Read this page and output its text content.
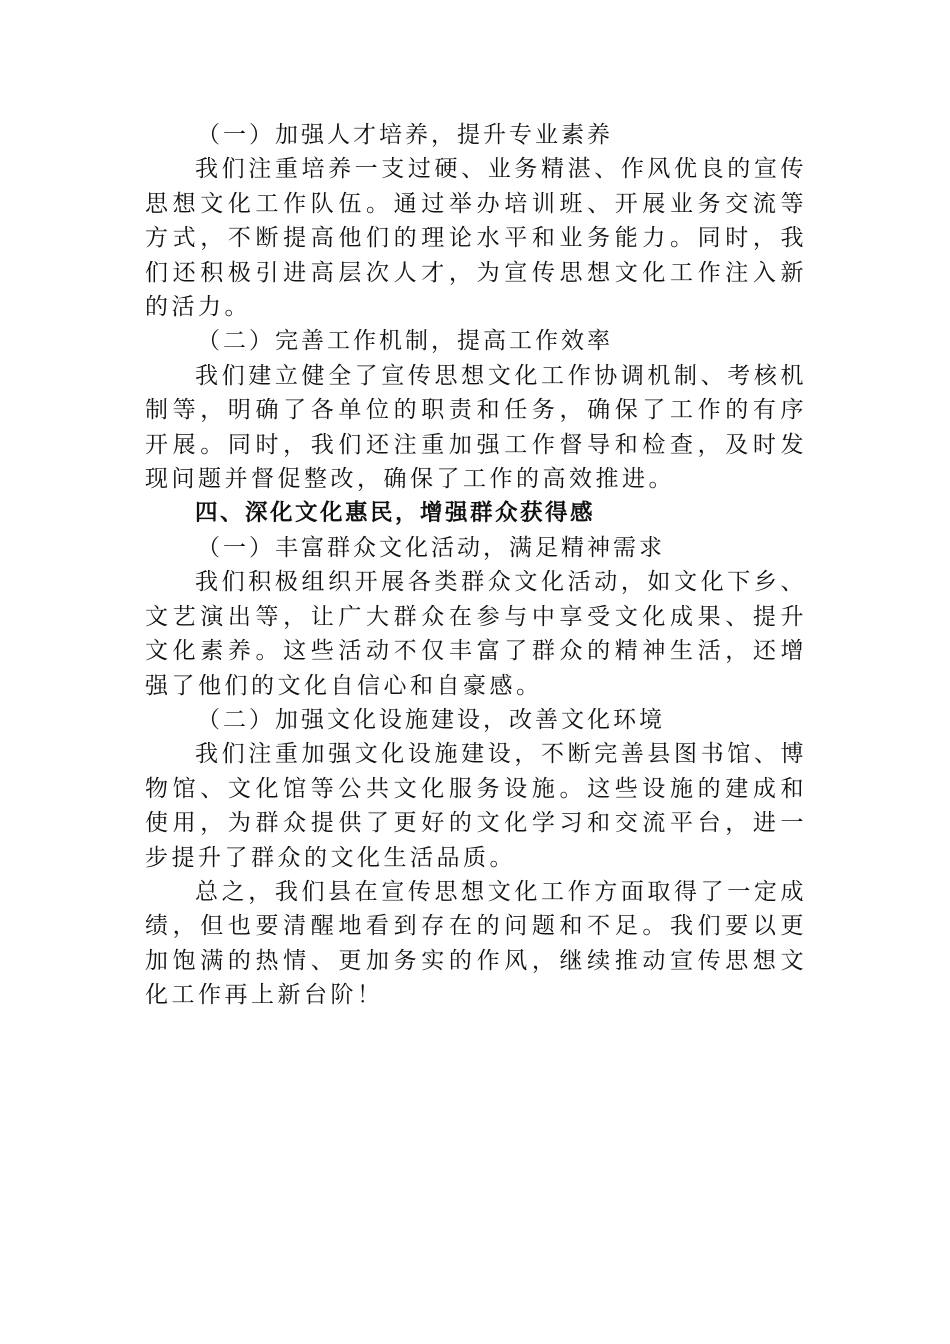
（一）加强人才培养，提升专业素养

我们注重培养一支过硬、业务精湛、作风优良的宣传思想文化工作队伍。通过举办培训班、开展业务交流等方式，不断提高他们的理论水平和业务能力。同时，我们还积极引进高层次人才，为宣传思想文化工作注入新的活力。

（二）完善工作机制，提高工作效率

我们建立健全了宣传思想文化工作协调机制、考核机制等，明确了各单位的职责和任务，确保了工作的有序开展。同时，我们还注重加强工作督导和检查，及时发现问题并督促整改，确保了工作的高效推进。

四、深化文化惠民，增强群众获得感

（一）丰富群众文化活动，满足精神需求

我们积极组织开展各类群众文化活动，如文化下乡、文艺演出等，让广大群众在参与中享受文化成果、提升文化素养。这些活动不仅丰富了群众的精神生活，还增强了他们的文化自信心和自豪感。

（二）加强文化设施建设，改善文化环境

我们注重加强文化设施建设，不断完善县图书馆、博物馆、文化馆等公共文化服务设施。这些设施的建成和使用，为群众提供了更好的文化学习和交流平台，进一步提升了群众的文化生活品质。

总之，我们县在宣传思想文化工作方面取得了一定成绩，但也要清醒地看到存在的问题和不足。我们要以更加饱满的热情、更加务实的作风，继续推动宣传思想文化工作再上新台阶！
